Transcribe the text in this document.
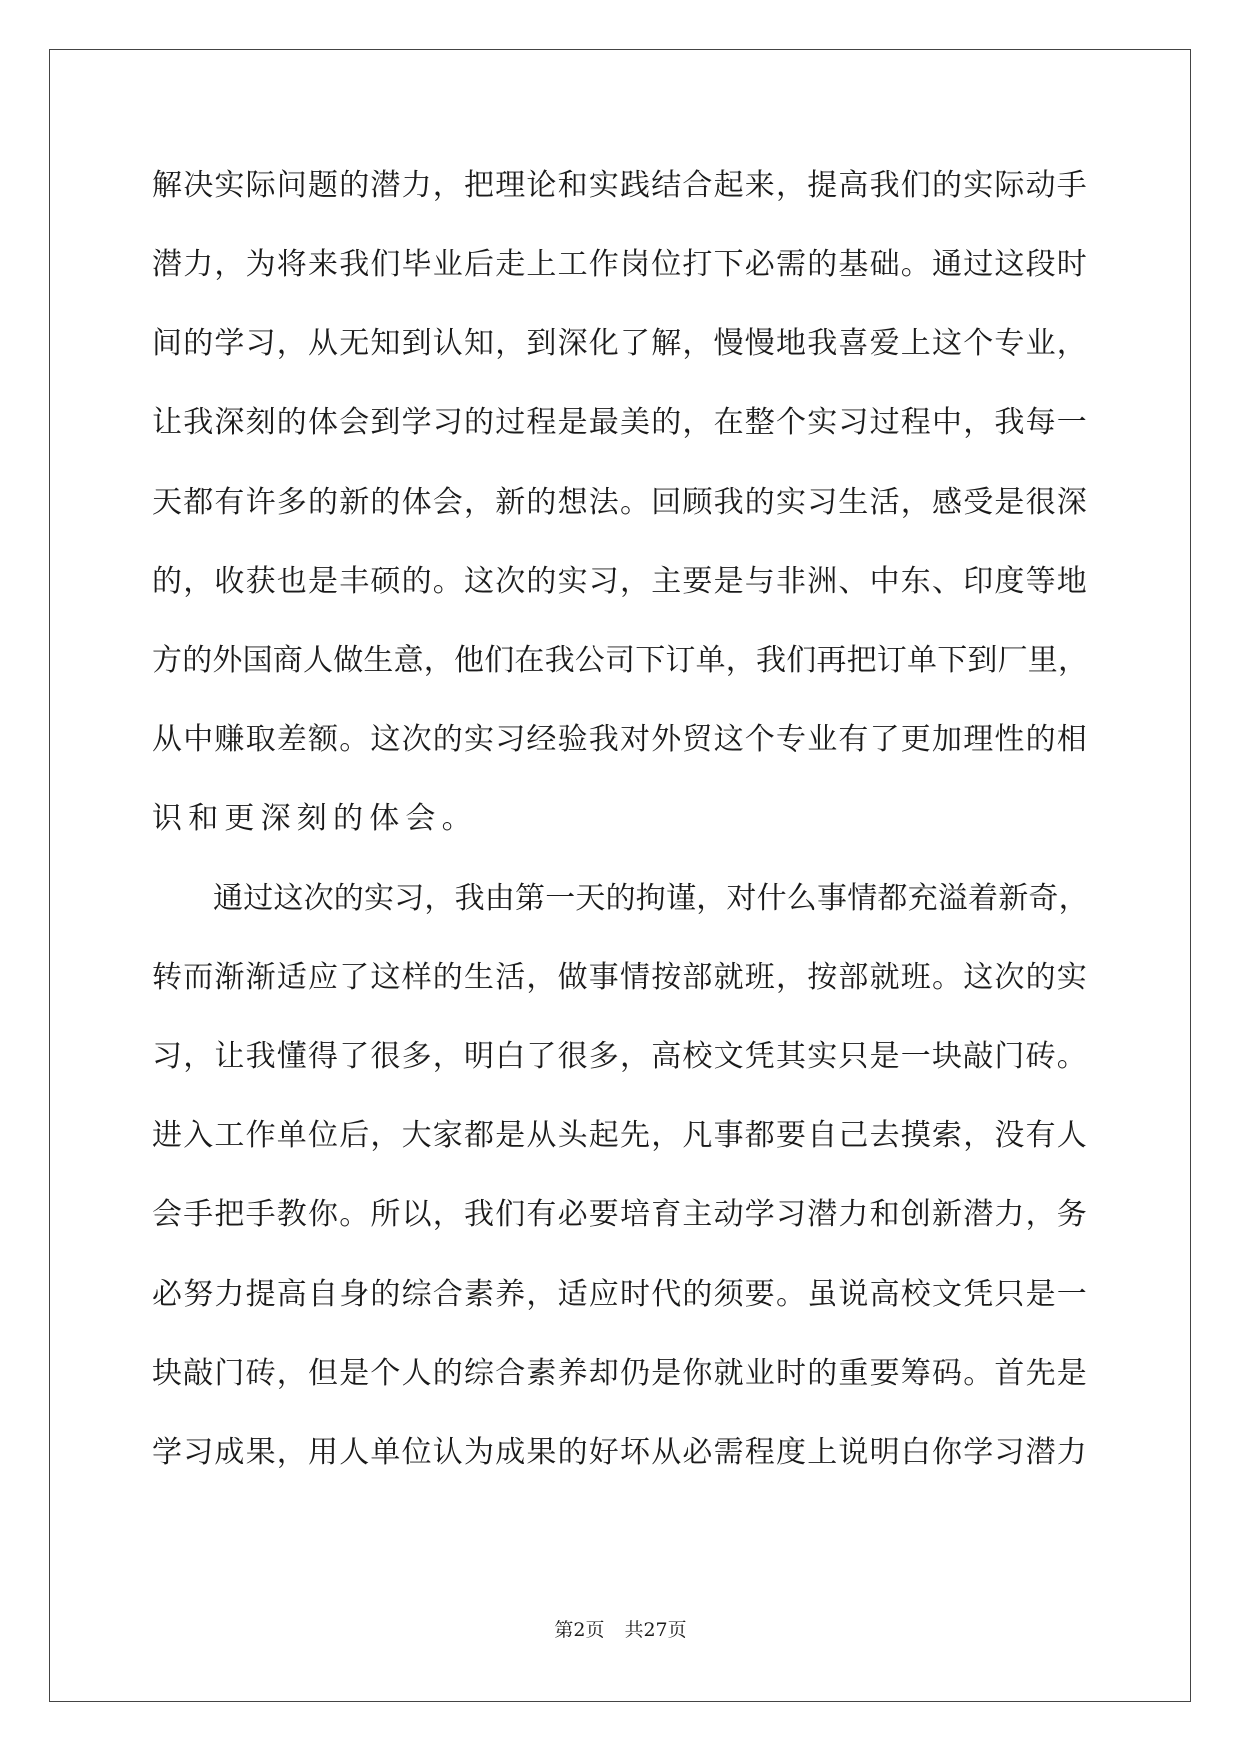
解决实际问题的潜力，把理论和实践结合起来，提高我们的实际动手
潜力，为将来我们毕业后走上工作岗位打下必需的基础。通过这段时
间的学习，从无知到认知，到深化了解，慢慢地我喜爱上这个专业，
让我深刻的体会到学习的过程是最美的，在整个实习过程中，我每一
天都有许多的新的体会，新的想法。回顾我的实习生活，感受是很深
的，收获也是丰硕的。这次的实习，主要是与非洲、中东、印度等地
方的外国商人做生意，他们在我公司下订单，我们再把订单下到厂里，
从中赚取差额。这次的实习经验我对外贸这个专业有了更加理性的相
识和更深刻的体会。
通过这次的实习，我由第一天的拘谨，对什么事情都充溢着新奇，
转而渐渐适应了这样的生活，做事情按部就班，按部就班。这次的实
习，让我懂得了很多，明白了很多，高校文凭其实只是一块敲门砖。
进入工作单位后，大家都是从头起先，凡事都要自己去摸索，没有人
会手把手教你。所以，我们有必要培育主动学习潜力和创新潜力，务
必努力提高自身的综合素养，适应时代的须要。虽说高校文凭只是一
块敲门砖，但是个人的综合素养却仍是你就业时的重要筹码。首先是
学习成果，用人单位认为成果的好坏从必需程度上说明白你学习潜力
第2页 共27页
